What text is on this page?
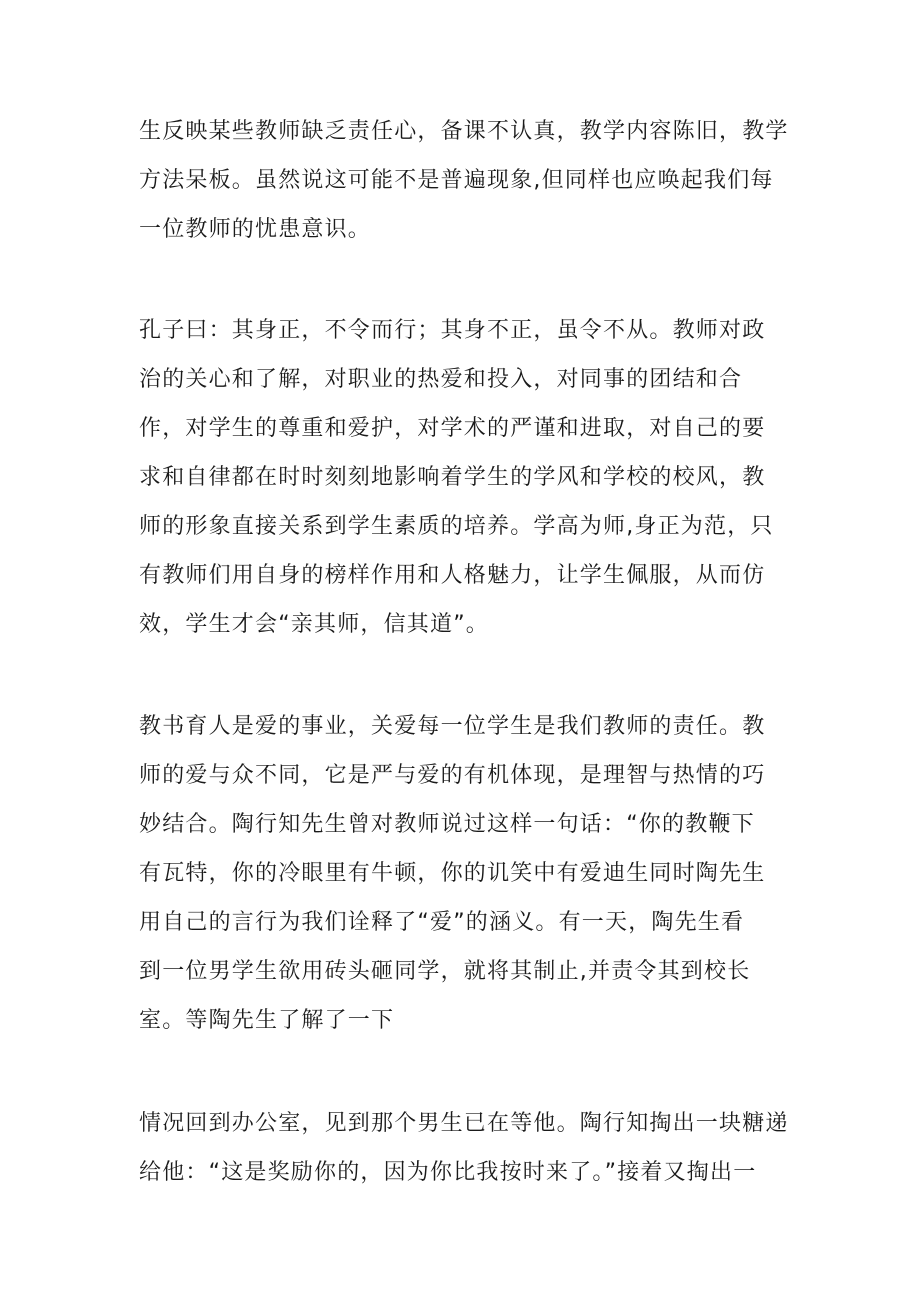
生反映某些教师缺乏责任心，备课不认真，教学内容陈旧，教学
方法呆板。虽然说这可能不是普遍现象,但同样也应唤起我们每
一位教师的忧患意识。
孔子曰：其身正，不令而行；其身不正，虽令不从。教师对政
治的关心和了解，对职业的热爱和投入，对同事的团结和合
作，对学生的尊重和爱护，对学术的严谨和进取，对自己的要
求和自律都在时时刻刻地影响着学生的学风和学校的校风，教
师的形象直接关系到学生素质的培养。学高为师,身正为范，只
有教师们用自身的榜样作用和人格魅力，让学生佩服，从而仿
效，学生才会“亲其师，信其道”。
教书育人是爱的事业，关爱每一位学生是我们教师的责任。教
师的爱与众不同，它是严与爱的有机体现，是理智与热情的巧
妙结合。陶行知先生曾对教师说过这样一句话：“你的教鞭下
有瓦特，你的冷眼里有牛顿，你的讥笑中有爱迪生同时陶先生
用自己的言行为我们诠释了“爱”的涵义。有一天，陶先生看
到一位男学生欲用砖头砸同学，就将其制止,并责令其到校长
室。等陶先生了解了一下
情况回到办公室，见到那个男生已在等他。陶行知掏出一块糖递
给他：“这是奖励你的，因为你比我按时来了。”接着又掏出一
